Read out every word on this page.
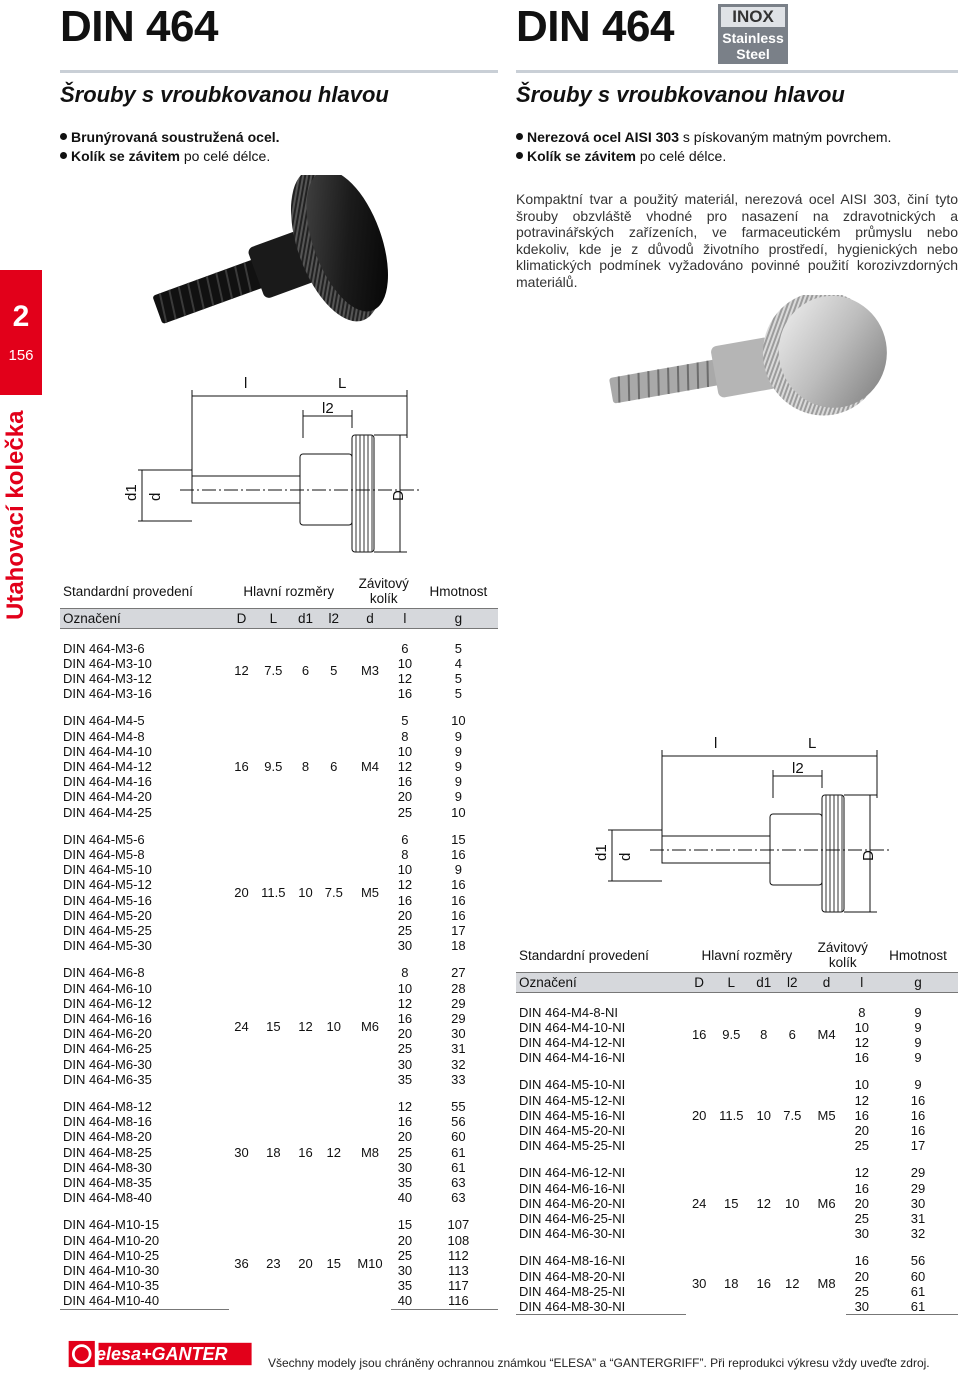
2
156
Utahovací kolečka
DIN 464
Šrouby s vroubkovanou hlavou
Brunýrovaná soustružená ocel.
Kolík se závitem po celé délce.
DIN 464	INOX
Stainless
Steel
Šrouby s vroubkovanou hlavou
Nerezová ocel AISI 303 s pískovaným matným povrchem.
Kolík se závitem po celé délce.
Kompaktní tvar a použitý materiál, nerezová ocel AISI 303, činí tyto šrouby obzvláště vhodné pro nasazení na zdravotnických a potravinářských zařízeních, ve farmaceutickém průmyslu nebo kdekoliv, kde je z důvodů životního prostředí, hygienických nebo klimatických podmínek vyžadováno povinné použití korozivzdorných materiálů.
l	L
l2
d1 d	D
l	L
l2
d1 d	D
Standardní provedení	Hlavní rozměry				Závitový
kolík		Hmotnost
Označení	D	L	d1	l2	d	l	g

DIN 464-M3-6	12	7.5	6	5	M3	6	5
DIN 464-M3-10						10	4
DIN 464-M3-12						12	5
DIN 464-M3-16						16	5

DIN 464-M4-5	16	9.5	8	6	M4	5	10
DIN 464-M4-8						8	9
DIN 464-M4-10						10	9
DIN 464-M4-12						12	9
DIN 464-M4-16						16	9
DIN 464-M4-20						20	9
DIN 464-M4-25						25	10

DIN 464-M5-6	20	11.5	10	7.5	M5	6	15
DIN 464-M5-8						8	16
DIN 464-M5-10						10	9
DIN 464-M5-12						12	16
DIN 464-M5-16						16	16
DIN 464-M5-20						20	16
DIN 464-M5-25						25	17
DIN 464-M5-30						30	18

DIN 464-M6-8	24	15	12	10	M6	8	27
DIN 464-M6-10						10	28
DIN 464-M6-12						12	29
DIN 464-M6-16						16	29
DIN 464-M6-20						20	30
DIN 464-M6-25						25	31
DIN 464-M6-30						30	32
DIN 464-M6-35						35	33

DIN 464-M8-12	30	18	16	12	M8	12	55
DIN 464-M8-16						16	56
DIN 464-M8-20						20	60
DIN 464-M8-25						25	61
DIN 464-M8-30						30	61
DIN 464-M8-35						35	63
DIN 464-M8-40						40	63

DIN 464-M10-15	36	23	20	15	M10	15	107
DIN 464-M10-20						20	108
DIN 464-M10-25						25	112
DIN 464-M10-30						30	113
DIN 464-M10-35						35	117
DIN 464-M10-40						40	116
Standardní provedení	Hlavní rozměry				Závitový
kolík		Hmotnost
Označení	D	L	d1	l2	d	l	g

DIN 464-M4-8-NI	16	9.5	8	6	M4	8	9
DIN 464-M4-10-NI						10	9
DIN 464-M4-12-NI						12	9
DIN 464-M4-16-NI						16	9

DIN 464-M5-10-NI	20	11.5	10	7.5	M5	10	9
DIN 464-M5-12-NI						12	16
DIN 464-M5-16-NI						16	16
DIN 464-M5-20-NI						20	16
DIN 464-M5-25-NI						25	17

DIN 464-M6-12-NI	24	15	12	10	M6	12	29
DIN 464-M6-16-NI						16	29
DIN 464-M6-20-NI						20	30
DIN 464-M6-25-NI						25	31
DIN 464-M6-30-NI						30	32

DIN 464-M8-16-NI	30	18	16	12	M8	16	56
DIN 464-M8-20-NI						20	60
DIN 464-M8-25-NI						25	61
DIN 464-M8-30-NI						30	61
elesa+GANTER	Všechny modely jsou chráněny ochrannou známkou “ELESA” a “GANTERGRIFF”. Při reprodukci výkresu vždy uveďte zdroj.
